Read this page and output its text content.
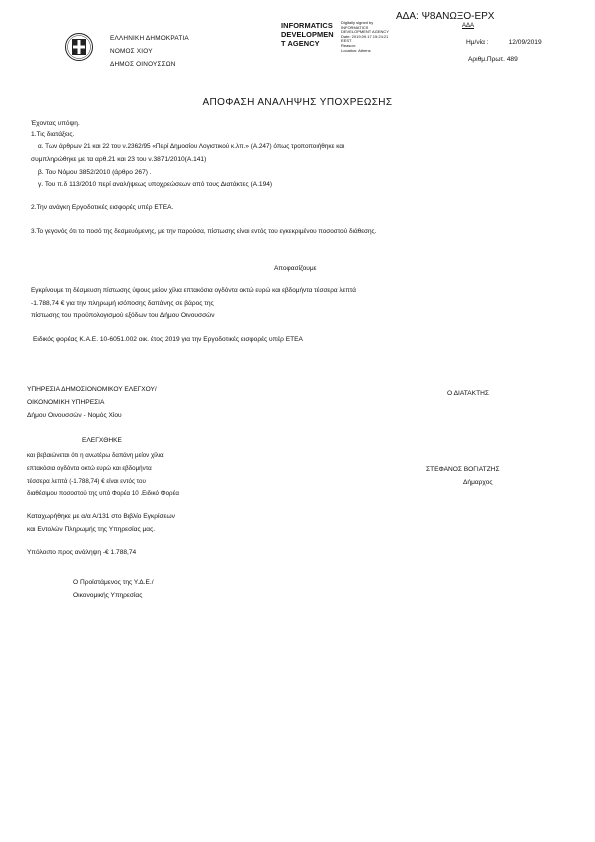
ΑΔΑ: Ψ8ΑΝΩΞΟ-ΕΡΧ
ΑΔΑ
ΕΛΛΗΝΙΚΗ ΔΗΜΟΚΡΑΤΙΑ
ΝΟΜΟΣ ΧΙΟΥ
ΔΗΜΟΣ ΟΙΝΟΥΣΣΩΝ
INFORMATICS
DEVELOPMEN
T AGENCY
Digitally signed by
INFORMATICS
DEVELOPMENT AGENCY
Date: 2019.09.17 15:24:21
EEST
Reason:
Location: Athens
Ημ/νία :	12/09/2019
Αριθμ.Πρωτ. 489
ΑΠΟΦΑΣΗ ΑΝΑΛΗΨΗΣ ΥΠΟΧΡΕΩΣΗΣ
Έχοντας υπόψη.
1.Τις διατάξεις.
α. Των άρθρων 21 και 22 του ν.2362/95 «Περί Δημοσίου Λογιστικού κ.λπ.» (Α.247) όπως τροποποιήθηκε και
συμπληρώθηκε με τα αρθ.21 και 23 του ν.3871/2010(Α.141)
β. Του Νόμου 3852/2010 (άρθρο 267) .
γ. Του π.δ 113/2010 περί αναλήψεως υποχρεώσεων από τους Διατάκτες (Α.194)
2.Την ανάγκη Εργοδοτικές εισφορές υπέρ ΕΤΕΑ.
3.Το γεγονός ότι το ποσό της δεσμευόμενης, με την παρούσα, πίστωσης είναι εντός του εγκεκριμένου ποσοστού διάθεσης.
Αποφασίζουμε
Εγκρίνουμε τη δέσμευση πίστωσης ύψους μείον χίλια επτακόσια ογδόντα οκτώ ευρώ και εβδομήντα τέσσερα λεπτά
-1.788,74 € για την πληρωμή ισόποσης δαπάνης σε βάρος της
πίστωσης του προϋπολογισμού εξόδων του Δήμου Οινουσσών
Ειδικός φορέας Κ.Α.Ε. 10-6051.002 οικ. έτος 2019 για την Εργοδοτικές εισφορές υπέρ ΕΤΕΑ
ΥΠΗΡΕΣΙΑ ΔΗΜΟΣΙΟΝΟΜΙΚΟΥ ΕΛΕΓΧΟΥ/
ΟΙΚΟΝΟΜΙΚΗ ΥΠΗΡΕΣΙΑ
Δήμου Οινουσσών - Νομός Χίου
ΕΛΕΓΧΘΗΚΕ
και βεβαιώνεται ότι η ανωτέρω δαπάνη μείον χίλια
επτακόσια ογδόντα οκτώ ευρώ και εβδομήντα
τέσσερα λεπτά (-1.788,74) € είναι εντός του
διαθέσιμου ποσοστού της υπό Φορέα 10 .Ειδικό Φορέα
Καταχωρήθηκε με α/α Α/131 στο Βιβλίο Εγκρίσεων
και Εντολών Πληρωμής της Υπηρεσίας μας.
Υπόλοιπο προς ανάληψη -€ 1.788,74
Ο Προϊστάμενος της Υ.Δ.Ε./
Οικονομικής Υπηρεσίας
Ο ΔΙΑΤΑΚΤΗΣ
ΣΤΕΦΑΝΟΣ ΒΟΓΙΑΤΖΗΣ
Δήμαρχος
